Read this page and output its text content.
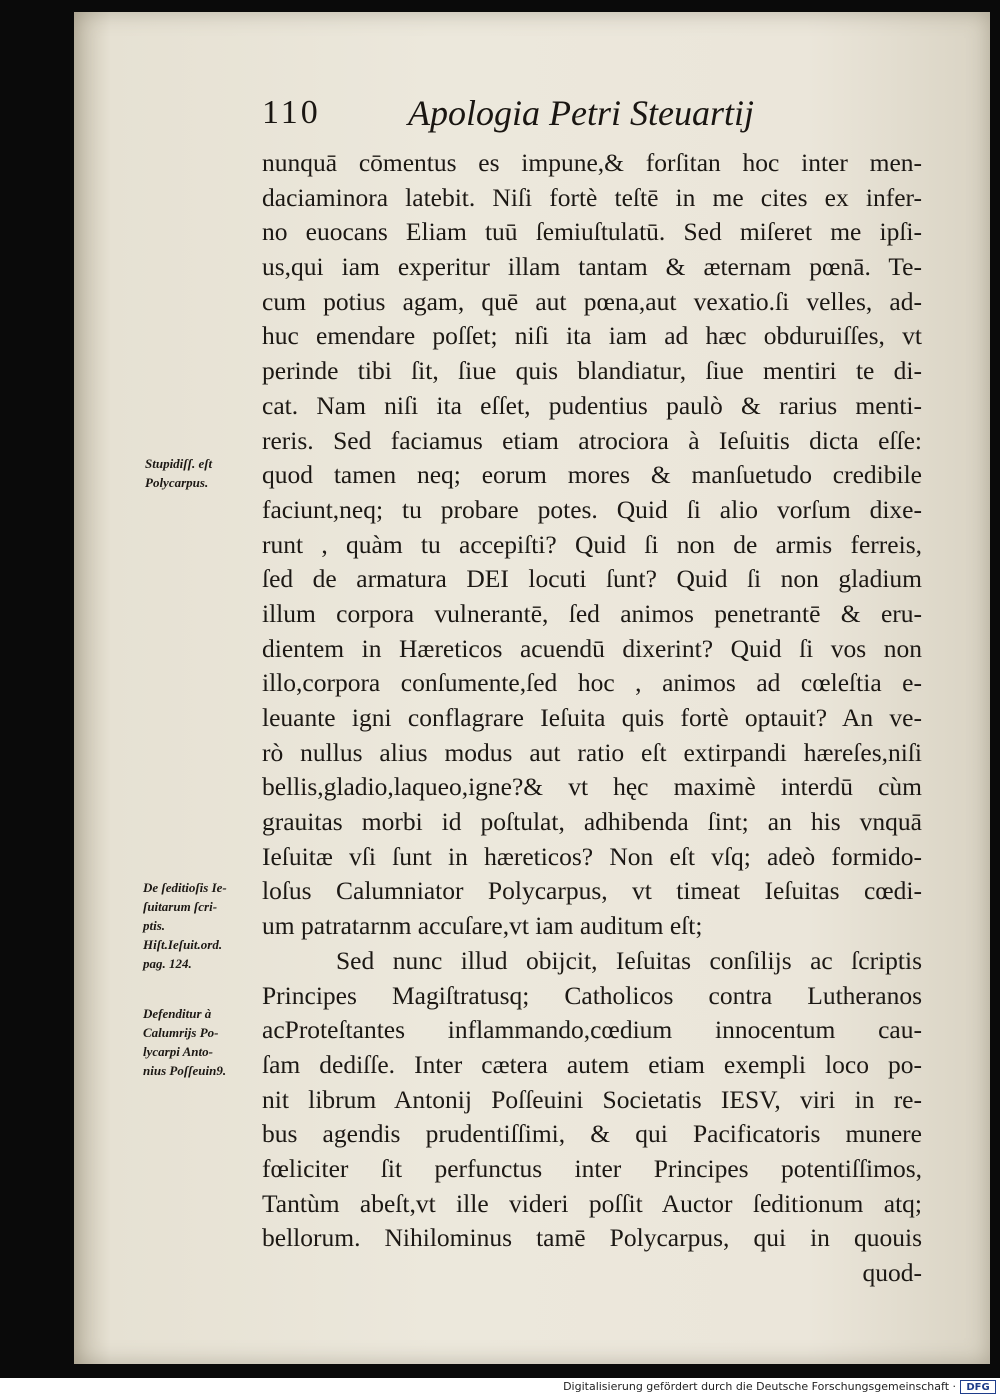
110 Apologia Petri Steuartij
nunquā cōmentus es impune,& forſitan hoc inter men-
daciaminora latebit. Niſi fortè teſtē in me cites ex infer-
no euocans Eliam tuū ſemiuſtulatū. Sed miſeret me ipſi-
us,qui iam experitur illam tantam & æternam pœnā. Te-
cum potius agam, quē aut pœna,aut vexatio.ſi velles, ad-
huc emendare poſſet; niſi ita iam ad hæc obduruiſſes, vt
perinde tibi ſit, ſiue quis blandiatur, ſiue mentiri te di-
cat. Nam niſi ita eſſet, pudentius paulò & rarius menti-
reris. Sed faciamus etiam atrociora à Ieſuitis dicta eſſe:
quod tamen neq; eorum mores & manſuetudo credibile
faciunt,neq; tu probare potes. Quid ſi alio vorſum dixe-
runt , quàm tu accepiſti? Quid ſi non de armis ferreis,
ſed de armatura DEI locuti ſunt? Quid ſi non gladium
illum corpora vulnerantē, ſed animos penetrantē & eru-
dientem in Hæreticos acuendū dixerint? Quid ſi vos non
illo,corpora conſumente,ſed hoc , animos ad cœleſtia e-
leuante igni conflagrare Ieſuita quis fortè optauit? An ve-
rò nullus alius modus aut ratio eſt extirpandi hæreſes,niſi
bellis,gladio,laqueo,igne?& vt hęc maximè interdū cùm
grauitas morbi id poſtulat, adhibenda ſint; an his vnquā
Ieſuitæ vſi ſunt in hæreticos? Non eſt vſq; adeò formido-
loſus Calumniator Polycarpus, vt timeat Ieſuitas cœdi-
um patratarnm accuſare,vt iam auditum eſt;
Sed nunc illud obijcit, Ieſuitas conſilijs ac ſcriptis
Principes Magiſtratusq; Catholicos contra Lutheranos
acProteſtantes inflammando,cœdium innocentum cau-
ſam dediſſe. Inter cætera autem etiam exempli loco po-
nit librum Antonij Poſſeuini Societatis IESV, viri in re-
bus agendis prudentiſſimi, & qui Pacificatoris munere
fœliciter ſit perfunctus inter Principes potentiſſimos,
Tantùm abeſt,vt ille videri poſſit Auctor ſeditionum atq;
bellorum. Nihilominus tamē Polycarpus, qui in quouis
quod-
Stupidiſſ. eſt
Polycarpus.
De ſeditioſis Ie-
ſuitarum ſcri-
ptis.
Hiſt.Ieſuit.ord.
pag. 124.
Defenditur à
Calumrijs Po-
lycarpi Anto-
nius Poſſeuin9.
Digitalisierung gefördert durch die Deutsche Forschungsgemeinschaft ·	DFG
